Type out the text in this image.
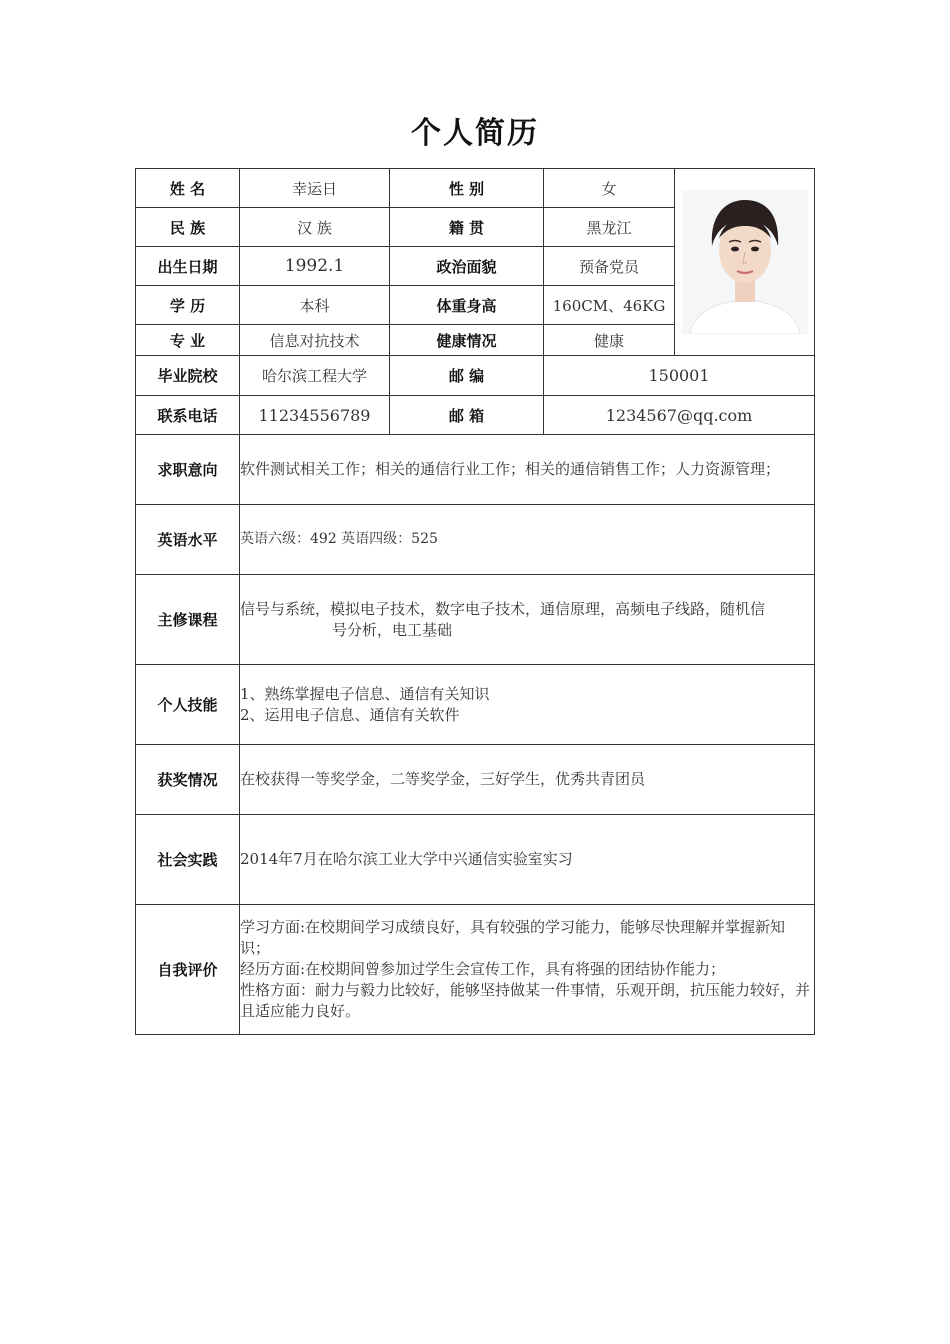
个人简历
姓 名	幸运日	性 别	女	

民 族	汉 族	籍 贯	黑龙江	
出生日期	1992.1	政治面貌	预备党员	
学 历	本科	体重身高	160CM、46KG	
专 业	信息对抗技术	健康情况	健康	
毕业院校	哈尔滨工程大学	邮 编	150001	
联系电话	11234556789	邮 箱	1234567@qq.com	
求职意向	软件测试相关工作；相关的通信行业工作；相关的通信销售工作；人力资源管理；			
英语水平	英语六级：492 英语四级：525			
主修课程	信号与系统，模拟电子技术，数字电子技术，通信原理，高频电子线路，随机信
号分析，电工基础			

个人技能	1、熟练掌握电子信息、通信有关知识
2、运用电子信息、通信有关软件			

获奖情况	在校获得一等奖学金，二等奖学金，三好学生，优秀共青团员			
社会实践	2014年7月在哈尔滨工业大学中兴通信实验室实习			
自我评价	学习方面:在校期间学习成绩良好，具有较强的学习能力，能够尽快理解并掌握新知识；
经历方面:在校期间曾参加过学生会宣传工作，具有将强的团结协作能力；
性格方面：耐力与毅力比较好，能够坚持做某一件事情，乐观开朗，抗压能力较好，并且适应能力良好。			
